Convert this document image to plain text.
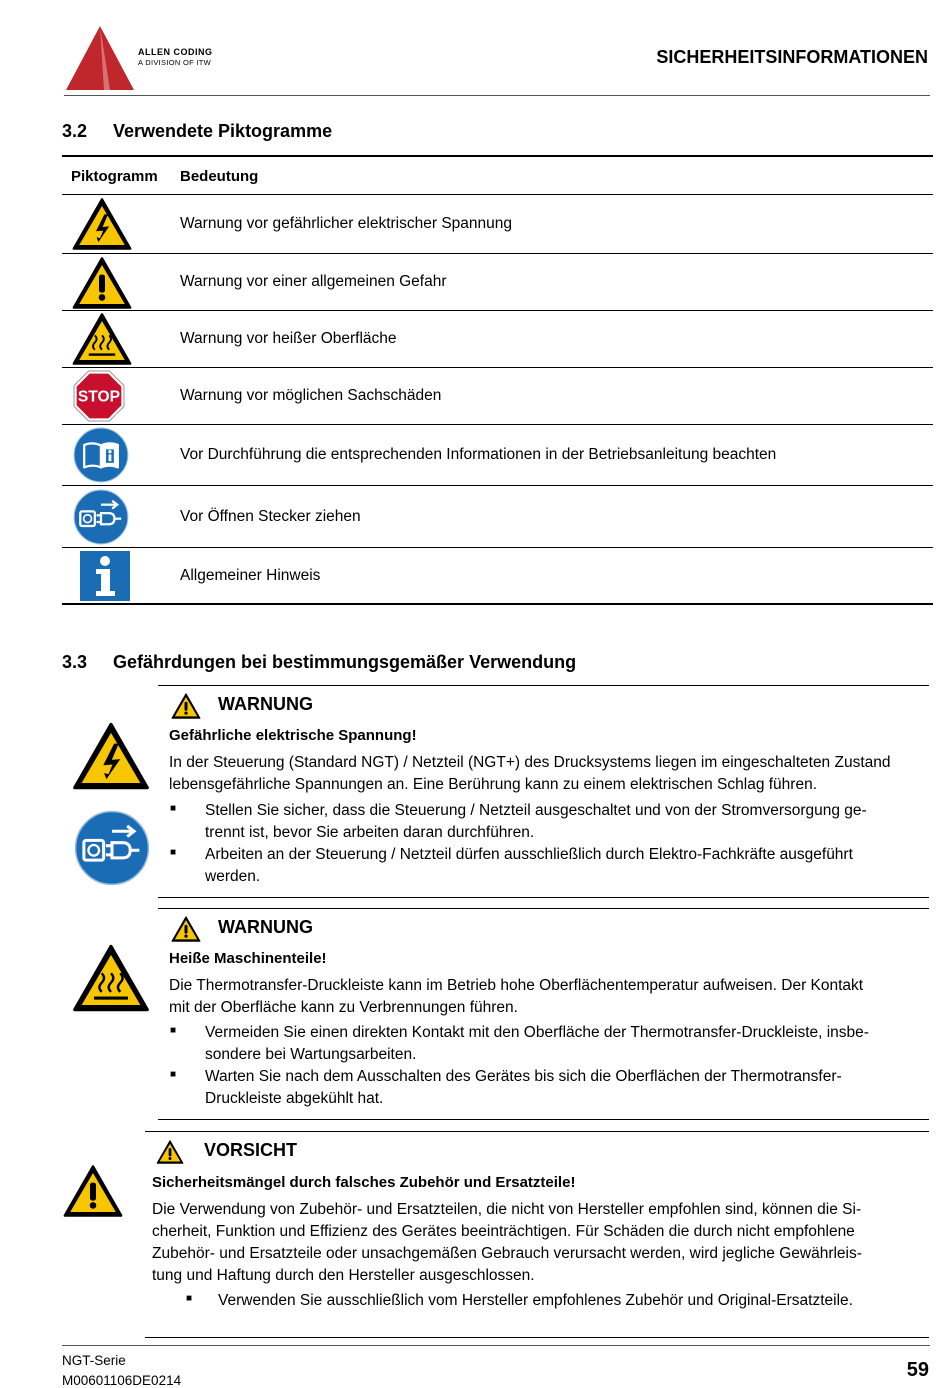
ALLEN CODING
A DIVISION OF ITW	SICHERHEITSINFORMATIONEN
3.2 Verwendete Piktogramme
Piktogramm Bedeutung
Warnung vor gefährlicher elektrischer Spannung
Warnung vor einer allgemeinen Gefahr
Warnung vor heißer Oberfläche
STOP	Warnung vor möglichen Sachschäden
Vor Durchführung die entsprechenden Informationen in der Betriebsanleitung beachten
Vor Öffnen Stecker ziehen
Allgemeiner Hinweis
3.3 Gefährdungen bei bestimmungsgemäßer Verwendung
WARNUNG
Gefährliche elektrische Spannung!
In der Steuerung (Standard NGT) / Netzteil (NGT+) des Drucksystems liegen im eingeschalteten Zustand
lebensgefährliche Spannungen an. Eine Berührung kann zu einem elektrischen Schlag führen.
■ Stellen Sie sicher, dass die Steuerung / Netzteil ausgeschaltet und von der Stromversorgung ge-
trennt ist, bevor Sie arbeiten daran durchführen.
■ Arbeiten an der Steuerung / Netzteil dürfen ausschließlich durch Elektro-Fachkräfte ausgeführt
werden.
WARNUNG
Heiße Maschinenteile!
Die Thermotransfer-Druckleiste kann im Betrieb hohe Oberflächentemperatur aufweisen. Der Kontakt
mit der Oberfläche kann zu Verbrennungen führen.
■ Vermeiden Sie einen direkten Kontakt mit den Oberfläche der Thermotransfer-Druckleiste, insbe-
sondere bei Wartungsarbeiten.
■ Warten Sie nach dem Ausschalten des Gerätes bis sich die Oberflächen der Thermotransfer-
Druckleiste abgekühlt hat.
VORSICHT
Sicherheitsmängel durch falsches Zubehör und Ersatzteile!
Die Verwendung von Zubehör- und Ersatzteilen, die nicht von Hersteller empfohlen sind, können die Si-
cherheit, Funktion und Effizienz des Gerätes beeinträchtigen. Für Schäden die durch nicht empfohlene
Zubehör- und Ersatzteile oder unsachgemäßen Gebrauch verursacht werden, wird jegliche Gewährleis-
tung und Haftung durch den Hersteller ausgeschlossen.
■ Verwenden Sie ausschließlich vom Hersteller empfohlenes Zubehör und Original-Ersatzteile.
NGT-Serie
M00601106DE0214	59
